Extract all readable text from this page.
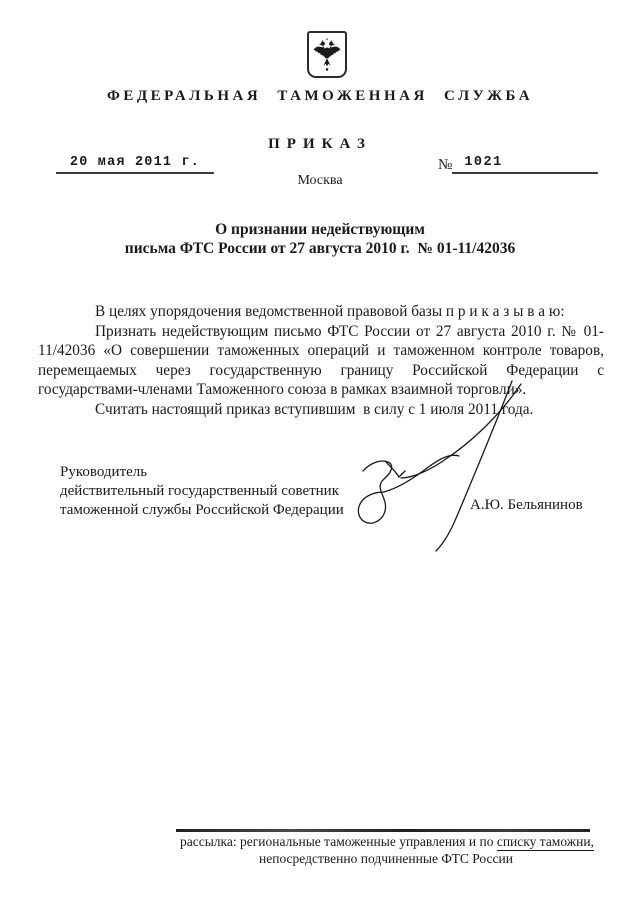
ФЕДЕРАЛЬНАЯ ТАМОЖЕННАЯ СЛУЖБА
ПРИКАЗ
20 мая 2011 г.	№ 1021
Москва
О признании недействующим
письма ФТС России от 27 августа 2010 г.  № 01-11/42036

В целях упорядочения ведомственной правовой базы п р и к а з ы в а ю:

Признать недействующим письмо ФТС России от 27 августа 2010 г. № 01-11/42036 «О совершении таможенных операций и таможенном контроле товаров, перемещаемых через государственную границу Российской Федерации с государствами-членами Таможенного союза в рамках взаимной торговли».

Считать настоящий приказ вступившим  в силу с 1 июля 2011 года.

Руководитель
действительный государственный советник
таможенной службы Российской Федерации	А.Ю. Бельянинов
рассылка: региональные таможенные управления и по списку таможни,
непосредственно подчиненные ФТС России
